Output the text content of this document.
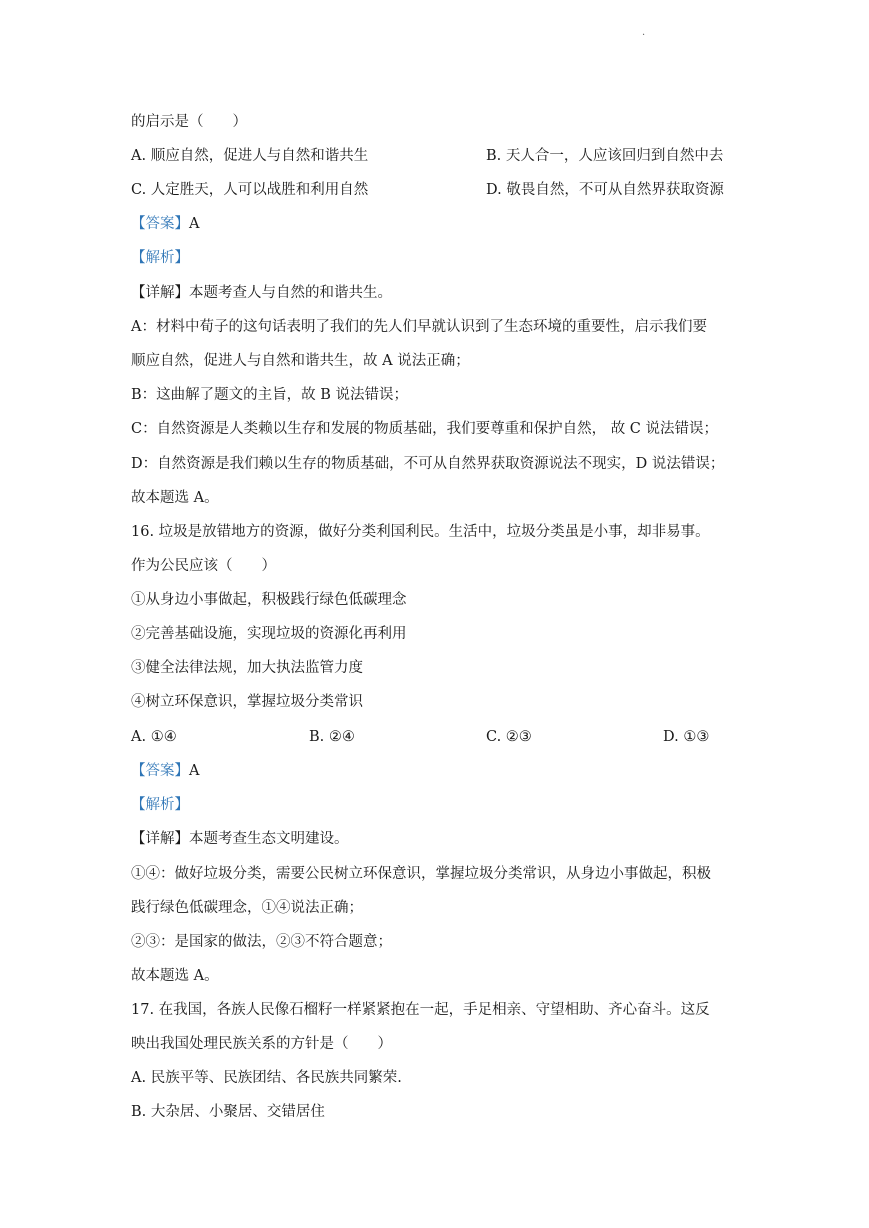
·
的启示是（　　）
A. 顺应自然，促进人与自然和谐共生	B. 天人合一，人应该回归到自然中去
C. 人定胜天，人可以战胜和利用自然	D. 敬畏自然，不可从自然界获取资源
【答案】A
【解析】
【详解】本题考查人与自然的和谐共生。
A：材料中荀子的这句话表明了我们的先人们早就认识到了生态环境的重要性，启示我们要
顺应自然，促进人与自然和谐共生，故 A 说法正确；
B：这曲解了题文的主旨，故 B 说法错误；
C：自然资源是人类赖以生存和发展的物质基础，我们要尊重和保护自然， 故 C 说法错误；
D：自然资源是我们赖以生存的物质基础，不可从自然界获取资源说法不现实，D 说法错误；
故本题选 A。
16. 垃圾是放错地方的资源，做好分类利国利民。生活中，垃圾分类虽是小事，却非易事。
作为公民应该（　　）
①从身边小事做起，积极践行绿色低碳理念
②完善基础设施，实现垃圾的资源化再利用
③健全法律法规，加大执法监管力度
④树立环保意识，掌握垃圾分类常识
A. ①④	B. ②④	C. ②③	D. ①③
【答案】A
【解析】
【详解】本题考查生态文明建设。
①④：做好垃圾分类，需要公民树立环保意识，掌握垃圾分类常识，从身边小事做起，积极
践行绿色低碳理念，①④说法正确；
②③：是国家的做法，②③不符合题意；
故本题选 A。
17. 在我国，各族人民像石榴籽一样紧紧抱在一起，手足相亲、守望相助、齐心奋斗。这反
映出我国处理民族关系的方针是（　　）
A. 民族平等、民族团结、各民族共同繁荣.
B. 大杂居、小聚居、交错居住
